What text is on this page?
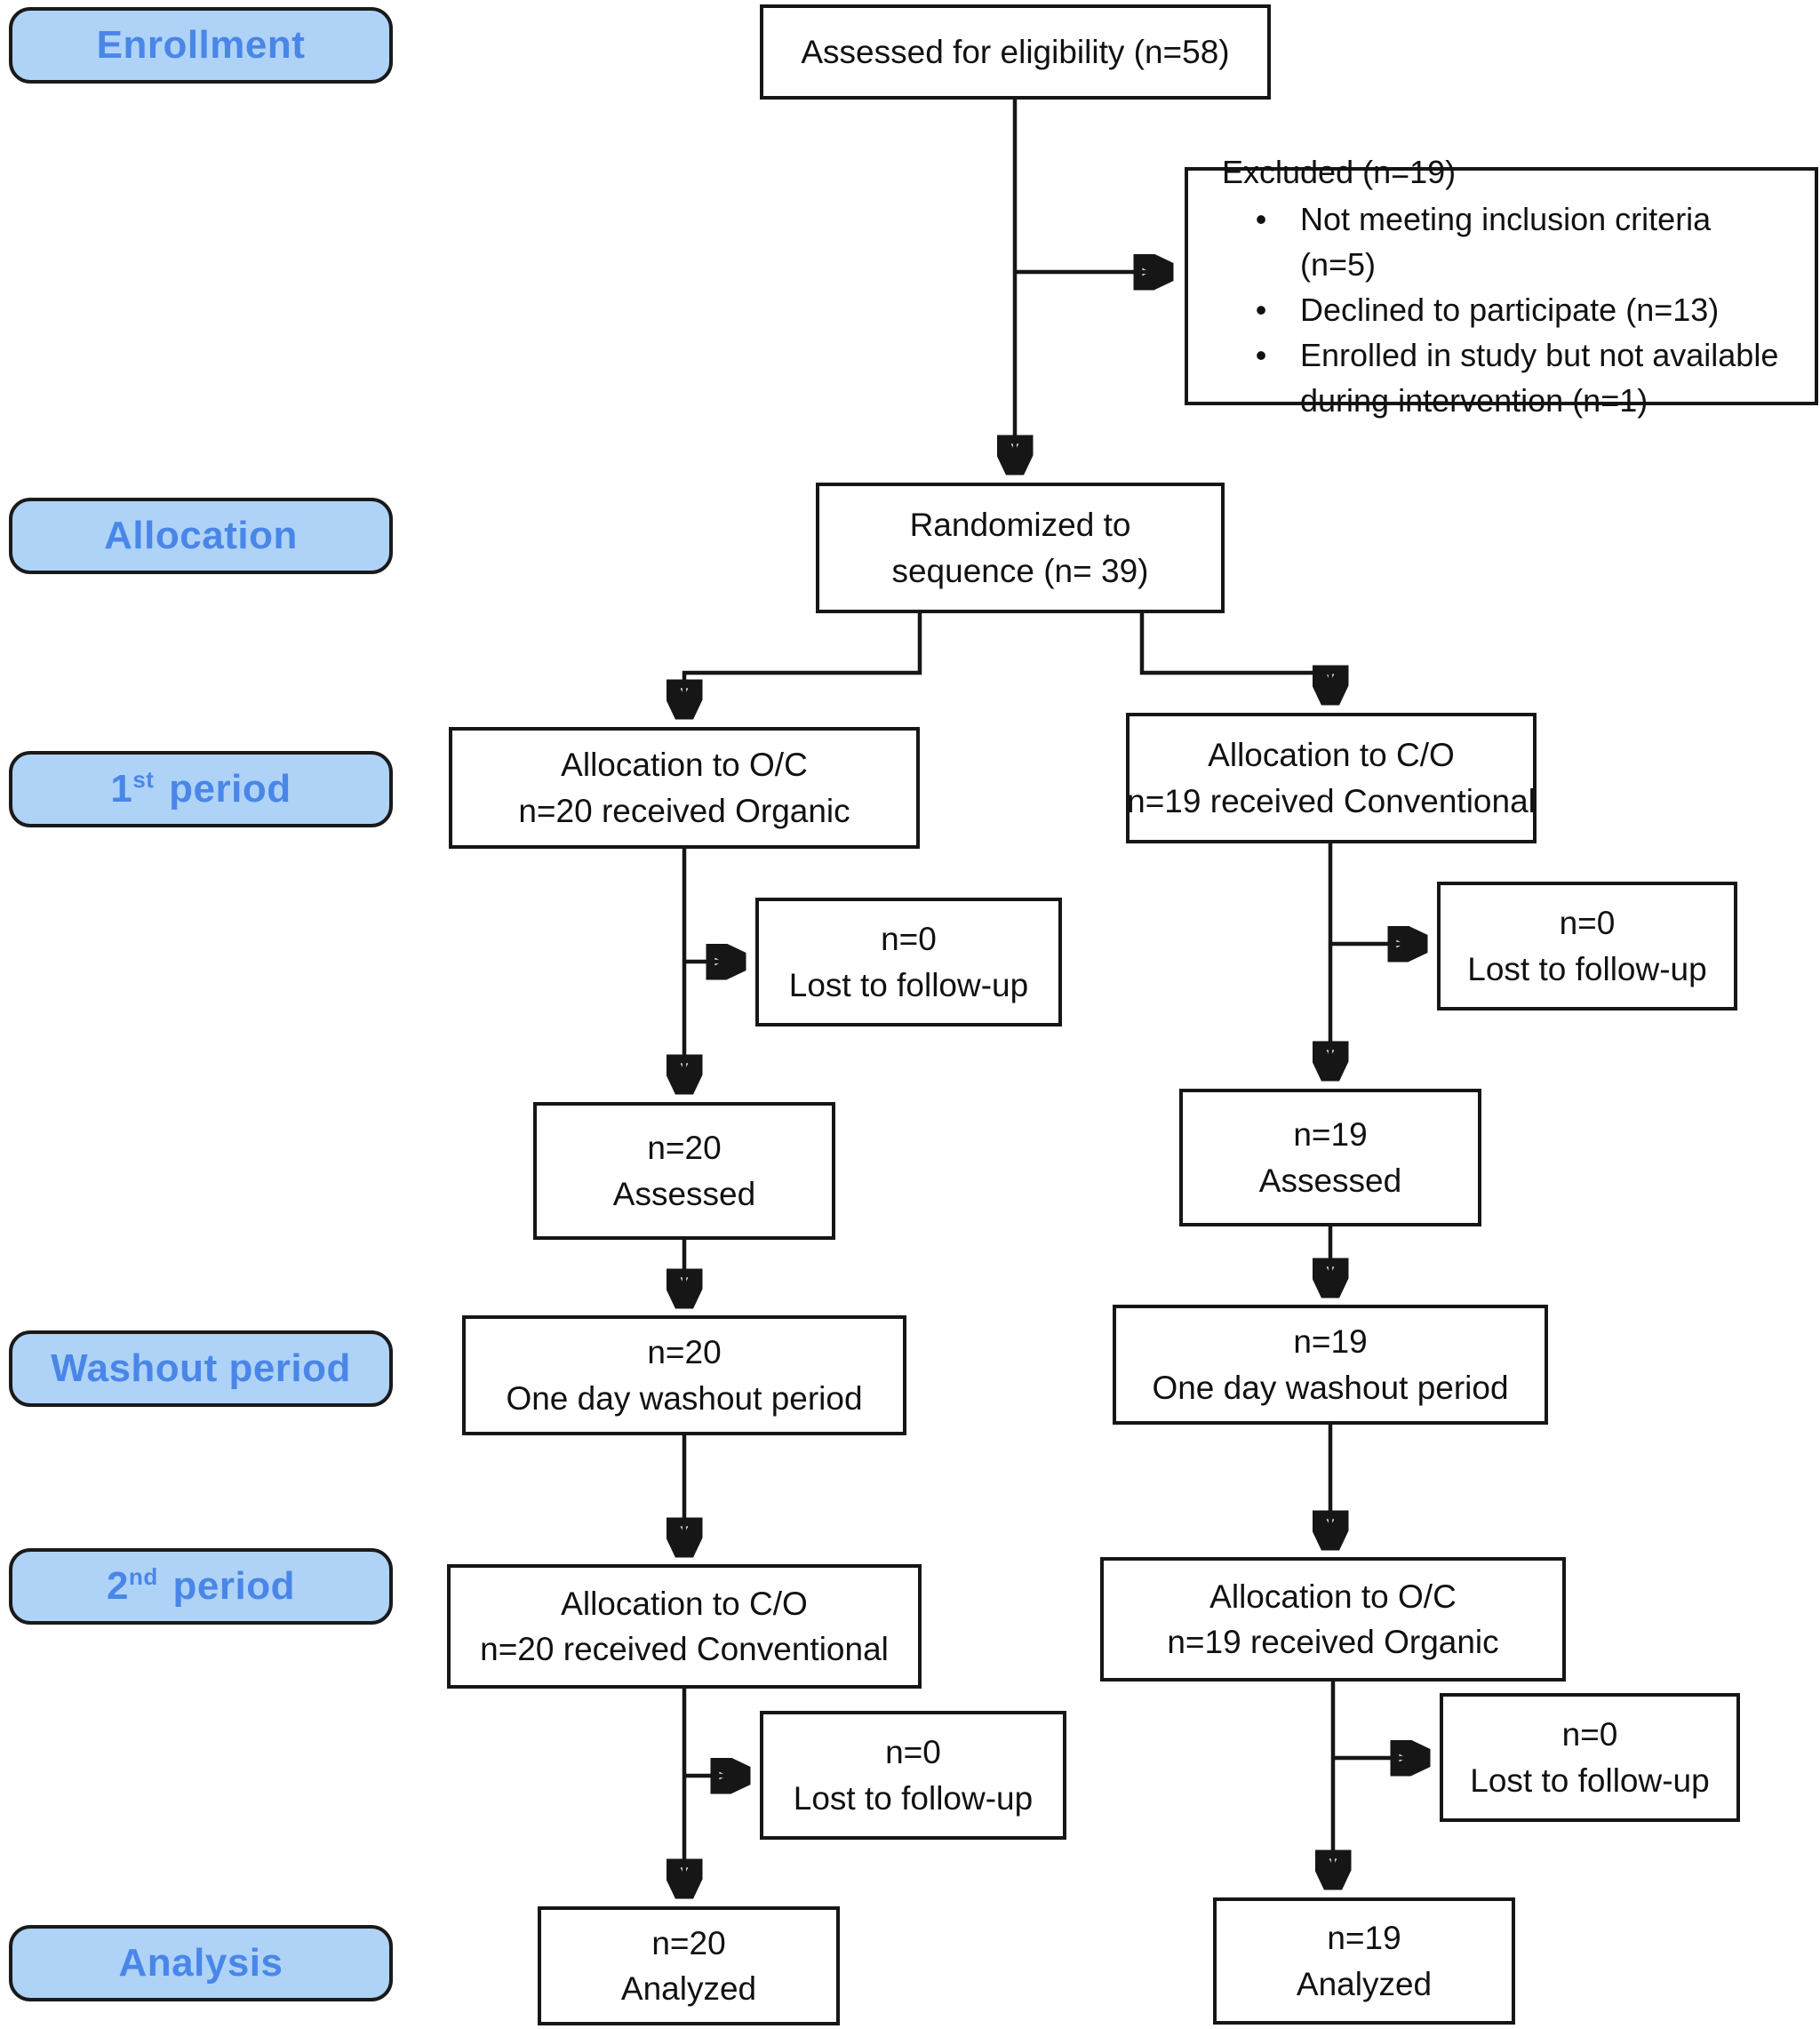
Enrollment
Allocation
1st period
Washout period
2nd period
Analysis
Assessed for eligibility (n=58)
Excluded (n=19)
•	Not meeting inclusion criteria (n=5)
•	Declined to participate (n=13)
•	Enrolled in study but not available during intervention (n=1)
Randomized to
sequence (n= 39)
Allocation to O/C
n=20 received Organic
Allocation to C/O
n=19 received Conventional
n=0
Lost to follow-up
n=0
Lost to follow-up
n=20
Assessed
n=19
Assessed
n=20
One day washout period
n=19
One day washout period
Allocation to C/O
n=20 received Conventional
Allocation to O/C
n=19 received Organic
n=0
Lost to follow-up
n=0
Lost to follow-up
n=20
Analyzed
n=19
Analyzed
